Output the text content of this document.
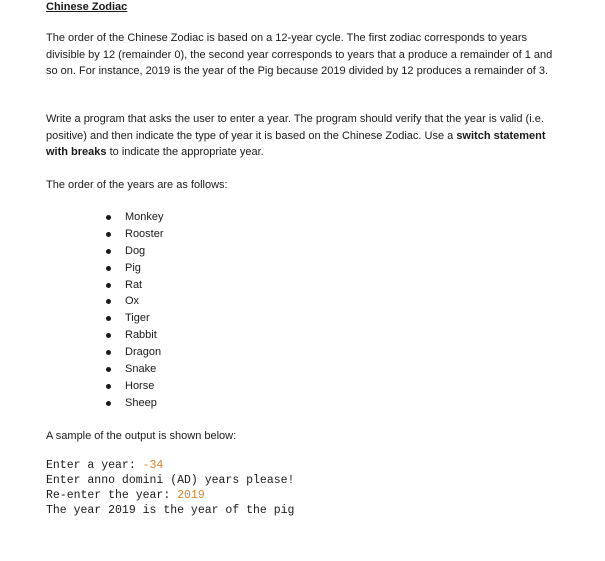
Chinese Zodiac

The order of the Chinese Zodiac is based on a 12-year cycle. The first zodiac corresponds to years divisible by 12 (remainder 0), the second year corresponds to years that a produce a remainder of 1 and so on. For instance, 2019 is the year of the Pig because 2019 divided by 12 produces a remainder of 3.

Write a program that asks the user to enter a year. The program should verify that the year is valid (i.e. positive) and then indicate the type of year it is based on the Chinese Zodiac. Use a switch statement with breaks to indicate the appropriate year.

The order of the years are as follows:

Monkey
Rooster
Dog
Pig
Rat
Ox
Tiger
Rabbit
Dragon
Snake
Horse
Sheep

A sample of the output is shown below:

Enter a year: -34
Enter anno domini (AD) years please!
Re-enter the year: 2019
The year 2019 is the year of the pig
